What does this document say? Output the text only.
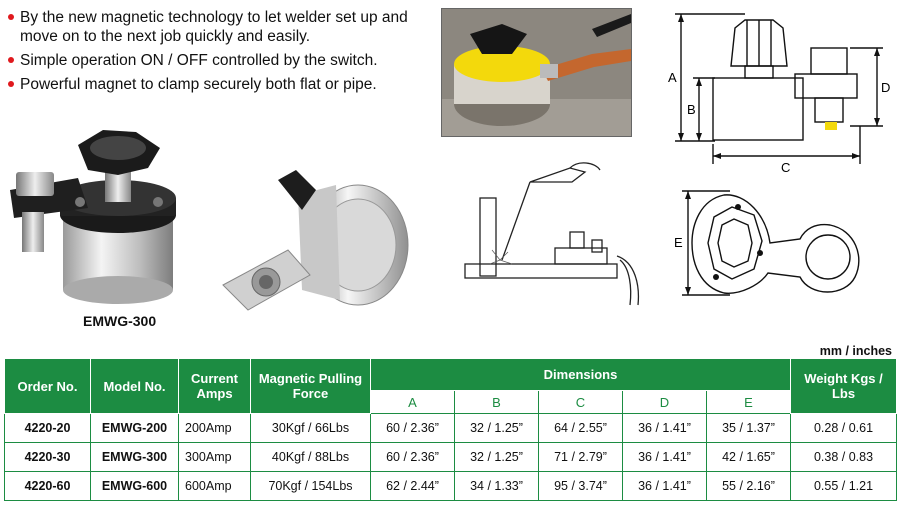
By the new magnetic technology to let welder set up and move on to the next job quickly and easily.
Simple operation ON / OFF controlled by the switch.
Powerful magnet to clamp securely both flat or pipe.
EMWG-300
A
B
D
C
E
mm / inches
Order No.	Model No.	Current Amps	Magnetic Pulling Force	Dimensions					Weight Kgs / Lbs
				A	B	C	D	E	
4220-20	EMWG-200	200Amp	30Kgf / 66Lbs	60 / 2.36”	32 / 1.25”	64 / 2.55”	36 / 1.41”	35 / 1.37”	0.28 / 0.61
4220-30	EMWG-300	300Amp	40Kgf / 88Lbs	60 / 2.36”	32 / 1.25”	71 / 2.79”	36 / 1.41”	42 / 1.65”	0.38 / 0.83
4220-60	EMWG-600	600Amp	70Kgf / 154Lbs	62 / 2.44”	34 / 1.33”	95 / 3.74”	36 / 1.41”	55 / 2.16”	0.55 / 1.21
